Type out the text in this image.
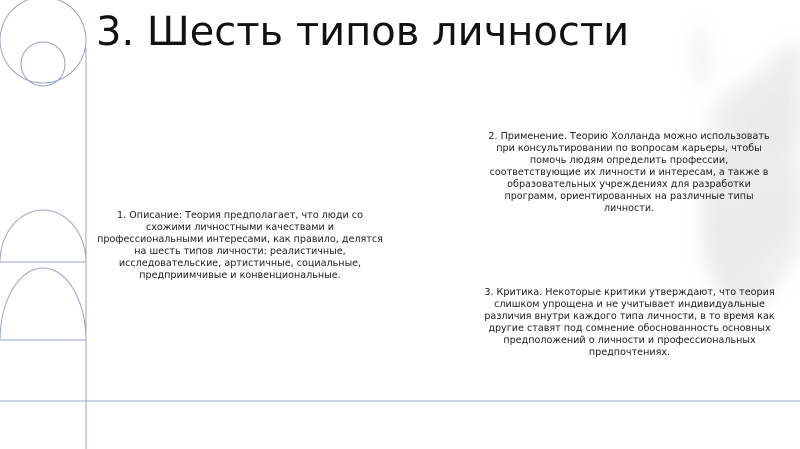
3. Шесть типов личности

1. Описание: Теория предполагает, что люди со схожими личностными качествами и профессиональными интересами, как правило, делятся на шесть типов личности: реалистичные, исследовательские, артистичные, социальные, предприимчивые и конвенциональные.

2. Применение. Теорию Холланда можно использовать при консультировании по вопросам карьеры, чтобы помочь людям определить профессии, соответствующие их личности и интересам, а также в образовательных учреждениях для разработки программ, ориентированных на различные типы личности.

3. Критика. Некоторые критики утверждают, что теория слишком упрощена и не учитывает индивидуальные различия внутри каждого типа личности, в то время как другие ставят под сомнение обоснованность основных предположений о личности и профессиональных предпочтениях.
